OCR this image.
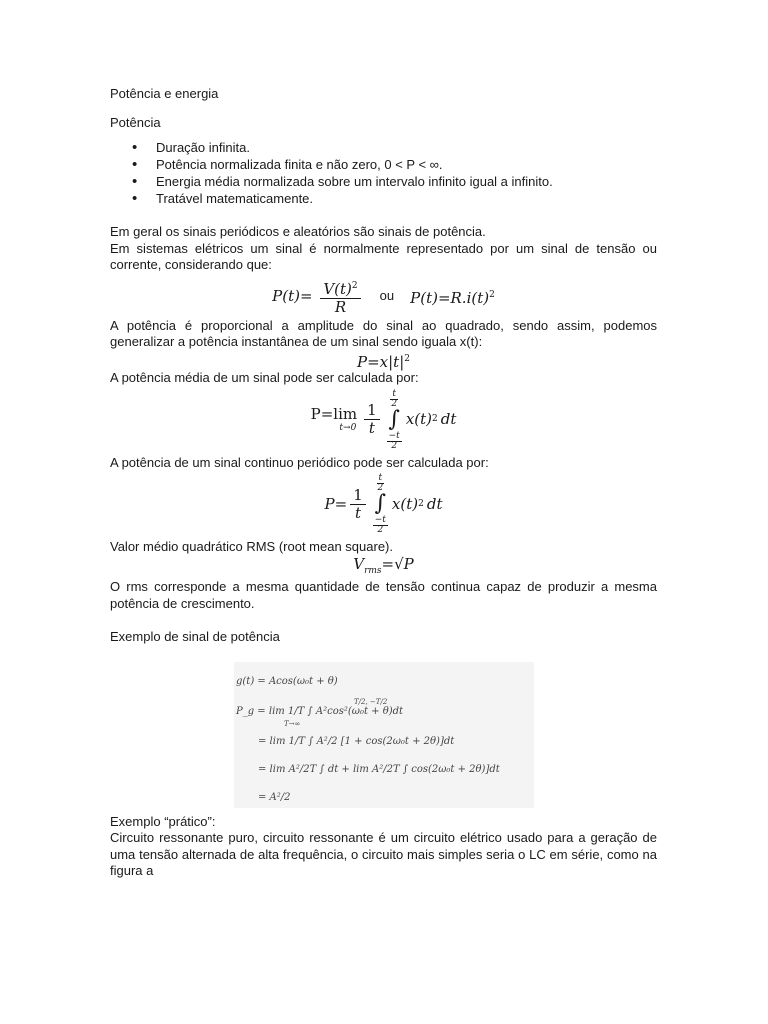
Potência e energia

Potência

• Duração infinita.
• Potência normalizada finita e não zero, 0 < P < ∞.
• Energia média normalizada sobre um intervalo infinito igual a infinito.
• Tratável matematicamente.

Em geral os sinais periódicos e aleatórios são sinais de potência.

Em sistemas elétricos um sinal é normalmente representado por um sinal de tensão ou corrente, considerando que:

$P(t)= \frac{V(t)^2}{R}$ ou $P(t)=R.i(t)^2$

A potência é proporcional a amplitude do sinal ao quadrado, sendo assim, podemos generalizar a potência instantânea de um sinal sendo iguala x(t):

$P=x|t|^2$

A potência média de um sinal pode ser calculada por:

P=lim
$t\to 0 \frac{1}{t}$
$\frac{t}{2}$
∫
$\frac{-t}{2}$
x(t) 2 dt

A potência de um sinal continuo periódico pode ser calculada por:

$P= \frac{1}{t}$
$\frac{t}{2}$
∫
$\frac{-t}{2}$
x(t) 2 dt

Valor médio quadrático RMS (root mean square).

$V_{rms}=√P$

O rms corresponde a mesma quantidade de tensão continua capaz de produzir a mesma potência de crescimento.

Exemplo de sinal de potência

g(t) = Acos(ω₀t + θ)
P_g = lim 1/T ∫ A²cos²(ω₀t + θ)dt
= lim 1/T ∫ A²/2 [1 + cos(2ω₀t + 2θ)]dt
= lim A²/2T ∫ dt + lim A²/2T ∫ cos(2ω₀t + 2θ)]dt
= A²/2
T→∞
T/2, −T/2

Exemplo “prático”:

Circuito ressonante puro, circuito ressonante é um circuito elétrico usado para a geração de uma tensão alternada de alta frequência, o circuito mais simples seria o LC em série, como na figura a
